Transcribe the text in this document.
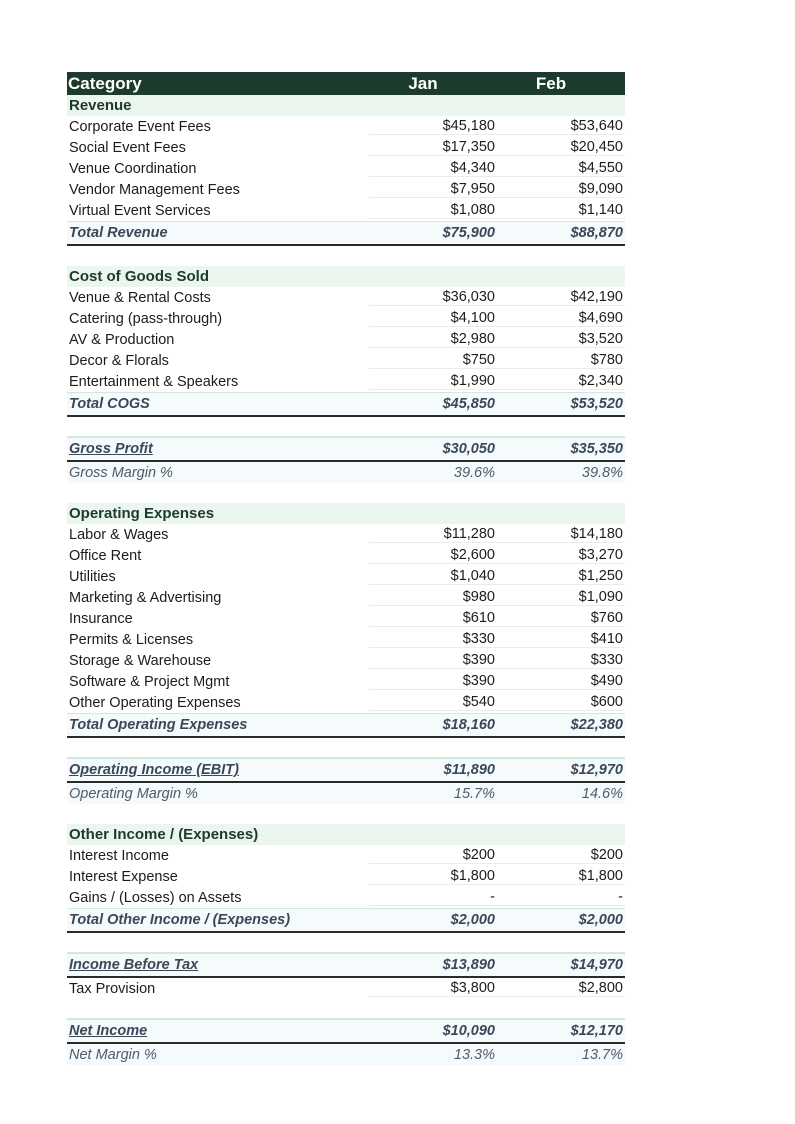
Category	Jan	Feb
Revenue
Corporate Event Fees	$45,180	$53,640
Social Event Fees	$17,350	$20,450
Venue Coordination	$4,340	$4,550
Vendor Management Fees	$7,950	$9,090
Virtual Event Services	$1,080	$1,140
Total Revenue	$75,900	$88,870
Cost of Goods Sold
Venue & Rental Costs	$36,030	$42,190
Catering (pass-through)	$4,100	$4,690
AV & Production	$2,980	$3,520
Decor & Florals	$750	$780
Entertainment & Speakers	$1,990	$2,340
Total COGS	$45,850	$53,520
Gross Profit	$30,050	$35,350
Gross Margin %	39.6%	39.8%
Operating Expenses
Labor & Wages	$11,280	$14,180
Office Rent	$2,600	$3,270
Utilities	$1,040	$1,250
Marketing & Advertising	$980	$1,090
Insurance	$610	$760
Permits & Licenses	$330	$410
Storage & Warehouse	$390	$330
Software & Project Mgmt	$390	$490
Other Operating Expenses	$540	$600
Total Operating Expenses	$18,160	$22,380
Operating Income (EBIT)	$11,890	$12,970
Operating Margin %	15.7%	14.6%
Other Income / (Expenses)
Interest Income	$200	$200
Interest Expense	$1,800	$1,800
Gains / (Losses) on Assets	-	-
Total Other Income / (Expenses)	$2,000	$2,000
Income Before Tax	$13,890	$14,970
Tax Provision	$3,800	$2,800
Net Income	$10,090	$12,170
Net Margin %	13.3%	13.7%
